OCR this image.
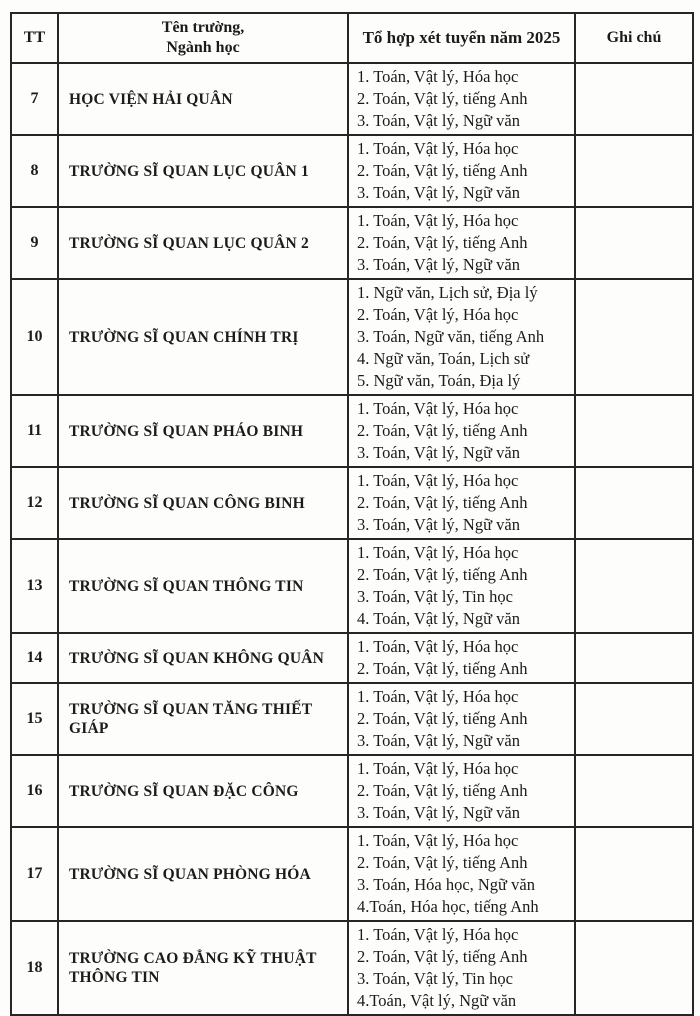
TT	Tên trường,
Ngành học	Tổ hợp xét tuyển năm 2025	Ghi chú
7	HỌC VIỆN HẢI QUÂN	1. Toán, Vật lý, Hóa học
2. Toán, Vật lý, tiếng Anh
3. Toán, Vật lý, Ngữ văn	

8	TRƯỜNG SĨ QUAN LỤC QUÂN 1	1. Toán, Vật lý, Hóa học
2. Toán, Vật lý, tiếng Anh
3. Toán, Vật lý, Ngữ văn	

9	TRƯỜNG SĨ QUAN LỤC QUÂN 2	1. Toán, Vật lý, Hóa học
2. Toán, Vật lý, tiếng Anh
3. Toán, Vật lý, Ngữ văn	

10	TRƯỜNG SĨ QUAN CHÍNH TRỊ	1. Ngữ văn, Lịch sử, Địa lý
2. Toán, Vật lý, Hóa học
3. Toán, Ngữ văn, tiếng Anh
4. Ngữ văn, Toán, Lịch sử
5. Ngữ văn, Toán, Địa lý	

11	TRƯỜNG SĨ QUAN PHÁO BINH	1. Toán, Vật lý, Hóa học
2. Toán, Vật lý, tiếng Anh
3. Toán, Vật lý, Ngữ văn	

12	TRƯỜNG SĨ QUAN CÔNG BINH	1. Toán, Vật lý, Hóa học
2. Toán, Vật lý, tiếng Anh
3. Toán, Vật lý, Ngữ văn	

13	TRƯỜNG SĨ QUAN THÔNG TIN	1. Toán, Vật lý, Hóa học
2. Toán, Vật lý, tiếng Anh
3. Toán, Vật lý, Tin học
4. Toán, Vật lý, Ngữ văn	

14	TRƯỜNG SĨ QUAN KHÔNG QUÂN	1. Toán, Vật lý, Hóa học
2. Toán, Vật lý, tiếng Anh	

15	TRƯỜNG SĨ QUAN TĂNG THIẾT GIÁP	1. Toán, Vật lý, Hóa học
2. Toán, Vật lý, tiếng Anh
3. Toán, Vật lý, Ngữ văn	

16	TRƯỜNG SĨ QUAN ĐẶC CÔNG	1. Toán, Vật lý, Hóa học
2. Toán, Vật lý, tiếng Anh
3. Toán, Vật lý, Ngữ văn	

17	TRƯỜNG SĨ QUAN PHÒNG HÓA	1. Toán, Vật lý, Hóa học
2. Toán, Vật lý, tiếng Anh
3. Toán, Hóa học, Ngữ văn
4.Toán, Hóa học, tiếng Anh	

18	TRƯỜNG CAO ĐẲNG KỸ THUẬT THÔNG TIN	1. Toán, Vật lý, Hóa học
2. Toán, Vật lý, tiếng Anh
3. Toán, Vật lý, Tin học
4.Toán, Vật lý, Ngữ văn	
